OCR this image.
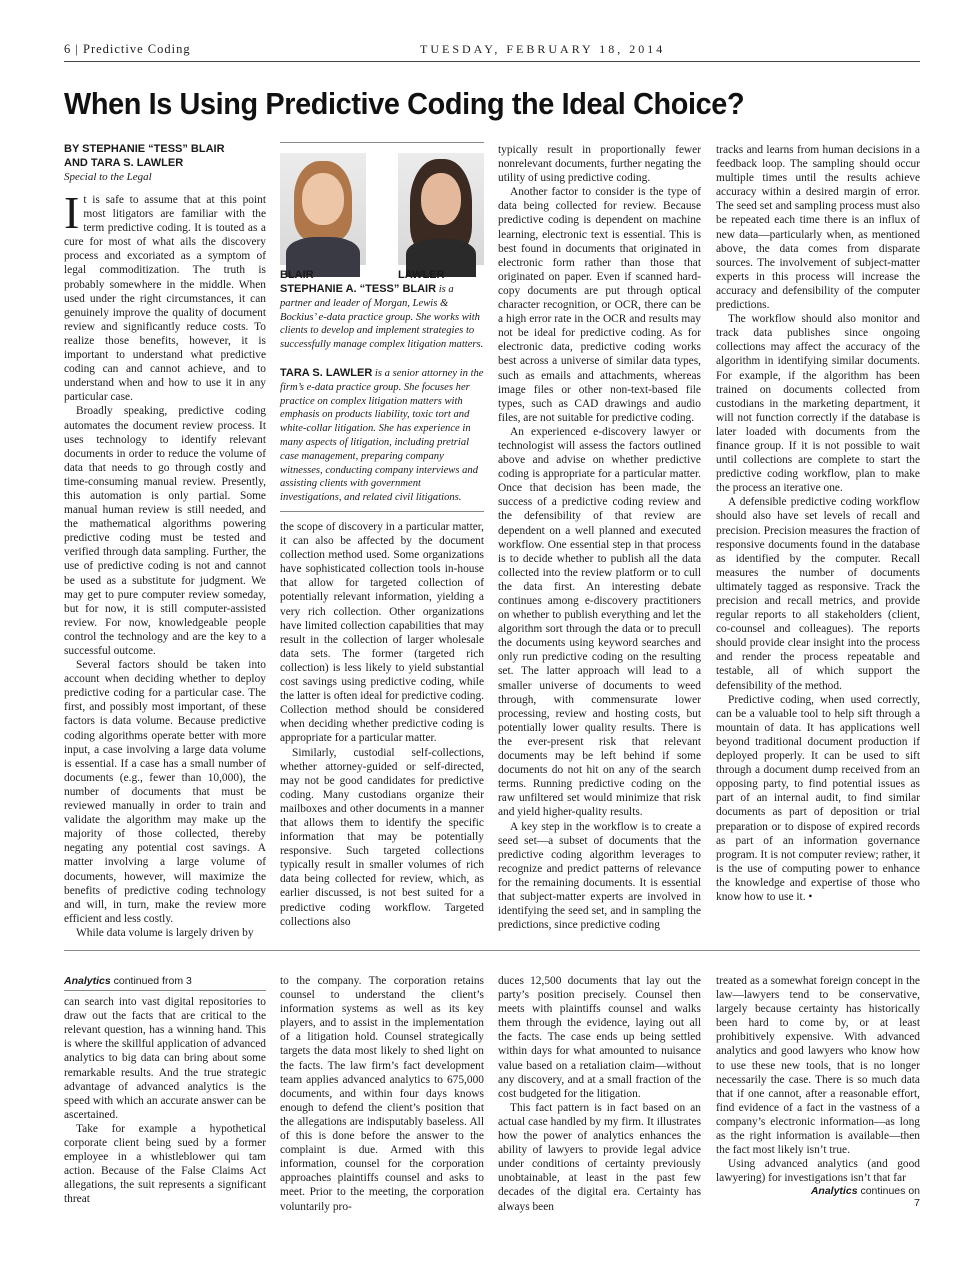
6 | Predictive Coding	TUESDAY, FEBRUARY 18, 2014
When Is Using Predictive Coding the Ideal Choice?
BY STEPHANIE “TESS” BLAIR
AND TARA S. LAWLER
Special to the Legal

It is safe to assume that at this point most litigators are familiar with the term predictive coding. It is touted as a cure for most of what ails the discovery process and excoriated as a symptom of legal commoditization. The truth is probably somewhere in the middle. When used under the right circumstances, it can genuinely improve the quality of document review and significantly reduce costs. To realize those benefits, however, it is important to understand what predictive coding can and cannot achieve, and to understand when and how to use it in any particular case.

Broadly speaking, predictive coding automates the document review process. It uses technology to identify relevant documents in order to reduce the volume of data that needs to go through costly and time-consuming manual review. Presently, this automation is only partial. Some manual human review is still needed, and the mathematical algorithms powering predictive coding must be tested and verified through data sampling. Further, the use of predictive coding is not and cannot be used as a substitute for judgment. We may get to pure computer review someday, but for now, it is still computer-assisted review. For now, knowledgeable people control the technology and are the key to a successful outcome.

Several factors should be taken into account when deciding whether to deploy predictive coding for a particular case. The first, and possibly most important, of these factors is data volume. Because predictive coding algorithms operate better with more input, a case involving a large data volume is essential. If a case has a small number of documents (e.g., fewer than 10,000), the number of documents that must be reviewed manually in order to train and validate the algorithm may make up the majority of those collected, thereby negating any potential cost savings. A matter involving a large volume of documents, however, will maximize the benefits of predictive coding technology and will, in turn, make the review more efficient and less costly.

While data volume is largely driven by

BLAIR	LAWLER
STEPHANIE A. “TESS” BLAIR is a partner and leader of Morgan, Lewis & Bockius’ e-data practice group. She works with clients to develop and implement strategies to successfully manage complex litigation matters.
TARA S. LAWLER is a senior attorney in the firm’s e-data practice group. She focuses her practice on complex litigation matters with emphasis on products liability, toxic tort and white-collar litigation. She has experience in many aspects of litigation, including pretrial case management, preparing company witnesses, conducting company interviews and assisting clients with government investigations, and related civil litigations.

the scope of discovery in a particular matter, it can also be affected by the document collection method used. Some organizations have sophisticated collection tools in-house that allow for targeted collection of potentially relevant information, yielding a very rich collection. Other organizations have limited collection capabilities that may result in the collection of larger wholesale data sets. The former (targeted rich collection) is less likely to yield substantial cost savings using predictive coding, while the latter is often ideal for predictive coding. Collection method should be considered when deciding whether predictive coding is appropriate for a particular matter.

Similarly, custodial self-collections, whether attorney-guided or self-directed, may not be good candidates for predictive coding. Many custodians organize their mailboxes and other documents in a manner that allows them to identify the specific information that may be potentially responsive. Such targeted collections typically result in smaller volumes of rich data being collected for review, which, as earlier discussed, is not best suited for a predictive coding workflow. Targeted collections also

typically result in proportionally fewer nonrelevant documents, further negating the utility of using predictive coding.

Another factor to consider is the type of data being collected for review. Because predictive coding is dependent on machine learning, electronic text is essential. This is best found in documents that originated in electronic form rather than those that originated on paper. Even if scanned hard-copy documents are put through optical character recognition, or OCR, there can be a high error rate in the OCR and results may not be ideal for predictive coding. As for electronic data, predictive coding works best across a universe of similar data types, such as emails and attachments, whereas image files or other non-text-based file types, such as CAD drawings and audio files, are not suitable for predictive coding.

An experienced e-discovery lawyer or technologist will assess the factors outlined above and advise on whether predictive coding is appropriate for a particular matter. Once that decision has been made, the success of a predictive coding review and the defensibility of that review are dependent on a well planned and executed workflow. One essential step in that process is to decide whether to publish all the data collected into the review platform or to cull the data first. An interesting debate continues among e-discovery practitioners on whether to publish everything and let the algorithm sort through the data or to precull the documents using keyword searches and only run predictive coding on the resulting set. The latter approach will lead to a smaller universe of documents to weed through, with commensurate lower processing, review and hosting costs, but potentially lower quality results. There is the ever-present risk that relevant documents may be left behind if some documents do not hit on any of the search terms. Running predictive coding on the raw unfiltered set would minimize that risk and yield higher-quality results.

A key step in the workflow is to create a seed set—a subset of documents that the predictive coding algorithm leverages to recognize and predict patterns of relevance for the remaining documents. It is essential that subject-matter experts are involved in identifying the seed set, and in sampling the predictions, since predictive coding

tracks and learns from human decisions in a feedback loop. The sampling should occur multiple times until the results achieve accuracy within a desired margin of error. The seed set and sampling process must also be repeated each time there is an influx of new data—particularly when, as mentioned above, the data comes from disparate sources. The involvement of subject-matter experts in this process will increase the accuracy and defensibility of the computer predictions.

The workflow should also monitor and track data publishes since ongoing collections may affect the accuracy of the algorithm in identifying similar documents. For example, if the algorithm has been trained on documents collected from custodians in the marketing department, it will not function correctly if the database is later loaded with documents from the finance group. If it is not possible to wait until collections are complete to start the predictive coding workflow, plan to make the process an iterative one.

A defensible predictive coding workflow should also have set levels of recall and precision. Precision measures the fraction of responsive documents found in the database as identified by the computer. Recall measures the number of documents ultimately tagged as responsive. Track the precision and recall metrics, and provide regular reports to all stakeholders (client, co-counsel and colleagues). The reports should provide clear insight into the process and render the process repeatable and testable, all of which support the defensibility of the method.

Predictive coding, when used correctly, can be a valuable tool to help sift through a mountain of data. It has applications well beyond traditional document production if deployed properly. It can be used to sift through a document dump received from an opposing party, to find potential issues as part of an internal audit, to find similar documents as part of deposition or trial preparation or to dispose of expired records as part of an information governance program. It is not computer review; rather, it is the use of computing power to enhance the knowledge and expertise of those who know how to use it. •

Analytics continued from 3

can search into vast digital repositories to draw out the facts that are critical to the relevant question, has a winning hand. This is where the skillful application of advanced analytics to big data can bring about some remarkable results. And the true strategic advantage of advanced analytics is the speed with which an accurate answer can be ascertained.

Take for example a hypothetical corporate client being sued by a former employee in a whistleblower qui tam action. Because of the False Claims Act allegations, the suit represents a significant threat

to the company. The corporation retains counsel to understand the client’s information systems as well as its key players, and to assist in the implementation of a litigation hold. Counsel strategically targets the data most likely to shed light on the facts. The law firm’s fact development team applies advanced analytics to 675,000 documents, and within four days knows enough to defend the client’s position that the allegations are indisputably baseless. All of this is done before the answer to the complaint is due. Armed with this information, counsel for the corporation approaches plaintiffs counsel and asks to meet. Prior to the meeting, the corporation voluntarily pro-

duces 12,500 documents that lay out the party’s position precisely. Counsel then meets with plaintiffs counsel and walks them through the evidence, laying out all the facts. The case ends up being settled within days for what amounted to nuisance value based on a retaliation claim—without any discovery, and at a small fraction of the cost budgeted for the litigation.

This fact pattern is in fact based on an actual case handled by my firm. It illustrates how the power of analytics enhances the ability of lawyers to provide legal advice under conditions of certainty previously unobtainable, at least in the past few decades of the digital era. Certainty has always been

treated as a somewhat foreign concept in the law—lawyers tend to be conservative, largely because certainty has historically been hard to come by, or at least prohibitively expensive. With advanced analytics and good lawyers who know how to use these new tools, that is no longer necessarily the case. There is so much data that if one cannot, after a reasonable effort, find evidence of a fact in the vastness of a company’s electronic information—as long as the right information is available—then the fact most likely isn’t true.

Using advanced analytics (and good lawyering) for investigations isn’t that far

Analytics continues on 7
